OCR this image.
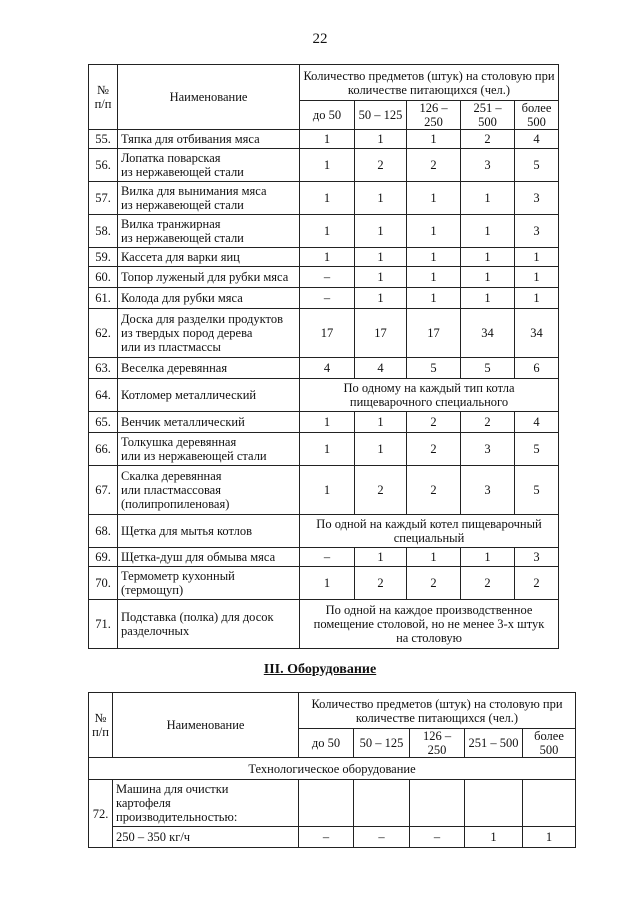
22
№ п/п	Наименование	Количество предметов (штук) на столовую при количестве питающихся (чел.)				
		до 50	50 – 125	126 – 250	251 – 500	более 500
55.	Тяпка для отбивания мяса	1	1	1	2	4
56.	Лопатка поварская
из нержавеющей стали	1	2	2	3	5
57.	Вилка для вынимания мяса
из нержавеющей стали	1	1	1	1	3
58.	Вилка транжирная
из нержавеющей стали	1	1	1	1	3
59.	Кассета для варки яиц	1	1	1	1	1
60.	Топор луженый для рубки мяса	–	1	1	1	1
61.	Колода для рубки мяса	–	1	1	1	1
62.	Доска для разделки продуктов
из твердых пород дерева
или из пластмассы	17	17	17	34	34
63.	Веселка деревянная	4	4	5	5	6
64.	Котломер металлический	По одному на каждый тип котла пищеварочного специального				
65.	Венчик металлический	1	1	2	2	4
66.	Толкушка деревянная
или из нержавеющей стали	1	1	2	3	5
67.	Скалка деревянная
или пластмассовая
(полипропиленовая)	1	2	2	3	5
68.	Щетка для мытья котлов	По одной на каждый котел пищеварочный специальный				
69.	Щетка-душ для обмыва мяса	–	1	1	1	3
70.	Термометр кухонный
(термощуп)	1	2	2	2	2
71.	Подставка (полка) для досок
разделочных	По одной на каждое производственное
помещение столовой, но не менее 3-х штук
на столовую				
III. Оборудование
№ п/п	Наименование	Количество предметов (штук) на столовую при количестве питающихся (чел.)				
		до 50	50 – 125	126 – 250	251 – 500	более 500
Технологическое оборудование						
72.	Машина для очистки
картофеля
производительностью:					
	250 – 350 кг/ч	–	–	–	1	1
